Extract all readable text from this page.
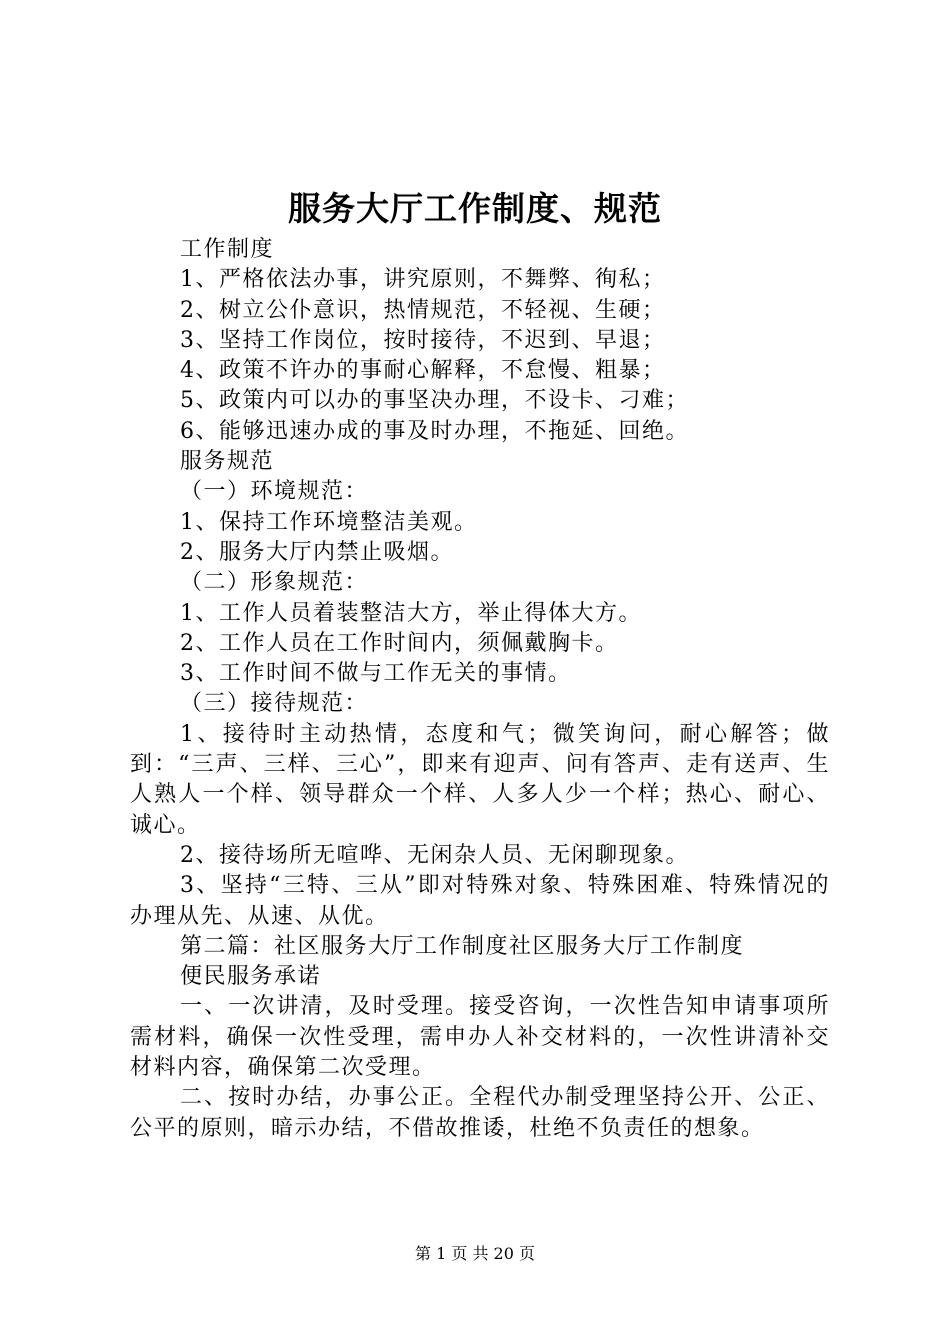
服务大厅工作制度、规范

工作制度

1、严格依法办事，讲究原则，不舞弊、徇私；

2、树立公仆意识，热情规范，不轻视、生硬；

3、坚持工作岗位，按时接待，不迟到、早退；

4、政策不许办的事耐心解释，不怠慢、粗暴；

5、政策内可以办的事坚决办理，不设卡、刁难；

6、能够迅速办成的事及时办理，不拖延、回绝。

服务规范

（一）环境规范：

1、保持工作环境整洁美观。

2、服务大厅内禁止吸烟。

（二）形象规范：

1、工作人员着装整洁大方，举止得体大方。

2、工作人员在工作时间内，须佩戴胸卡。

3、工作时间不做与工作无关的事情。

（三）接待规范：

1、接待时主动热情，态度和气；微笑询问，耐心解答；做到：“三声、三样、三心”，即来有迎声、问有答声、走有送声、生人熟人一个样、领导群众一个样、人多人少一个样；热心、耐心、诚心。

2、接待场所无喧哗、无闲杂人员、无闲聊现象。

3、坚持“三特、三从”即对特殊对象、特殊困难、特殊情况的办理从先、从速、从优。

第二篇：社区服务大厅工作制度社区服务大厅工作制度

便民服务承诺

一、一次讲清，及时受理。接受咨询，一次性告知申请事项所需材料，确保一次性受理，需申办人补交材料的，一次性讲清补交材料内容，确保第二次受理。

二、按时办结，办事公正。全程代办制受理坚持公开、公正、公平的原则，暗示办结，不借故推诿，杜绝不负责任的想象。

第 1 页 共 20 页
